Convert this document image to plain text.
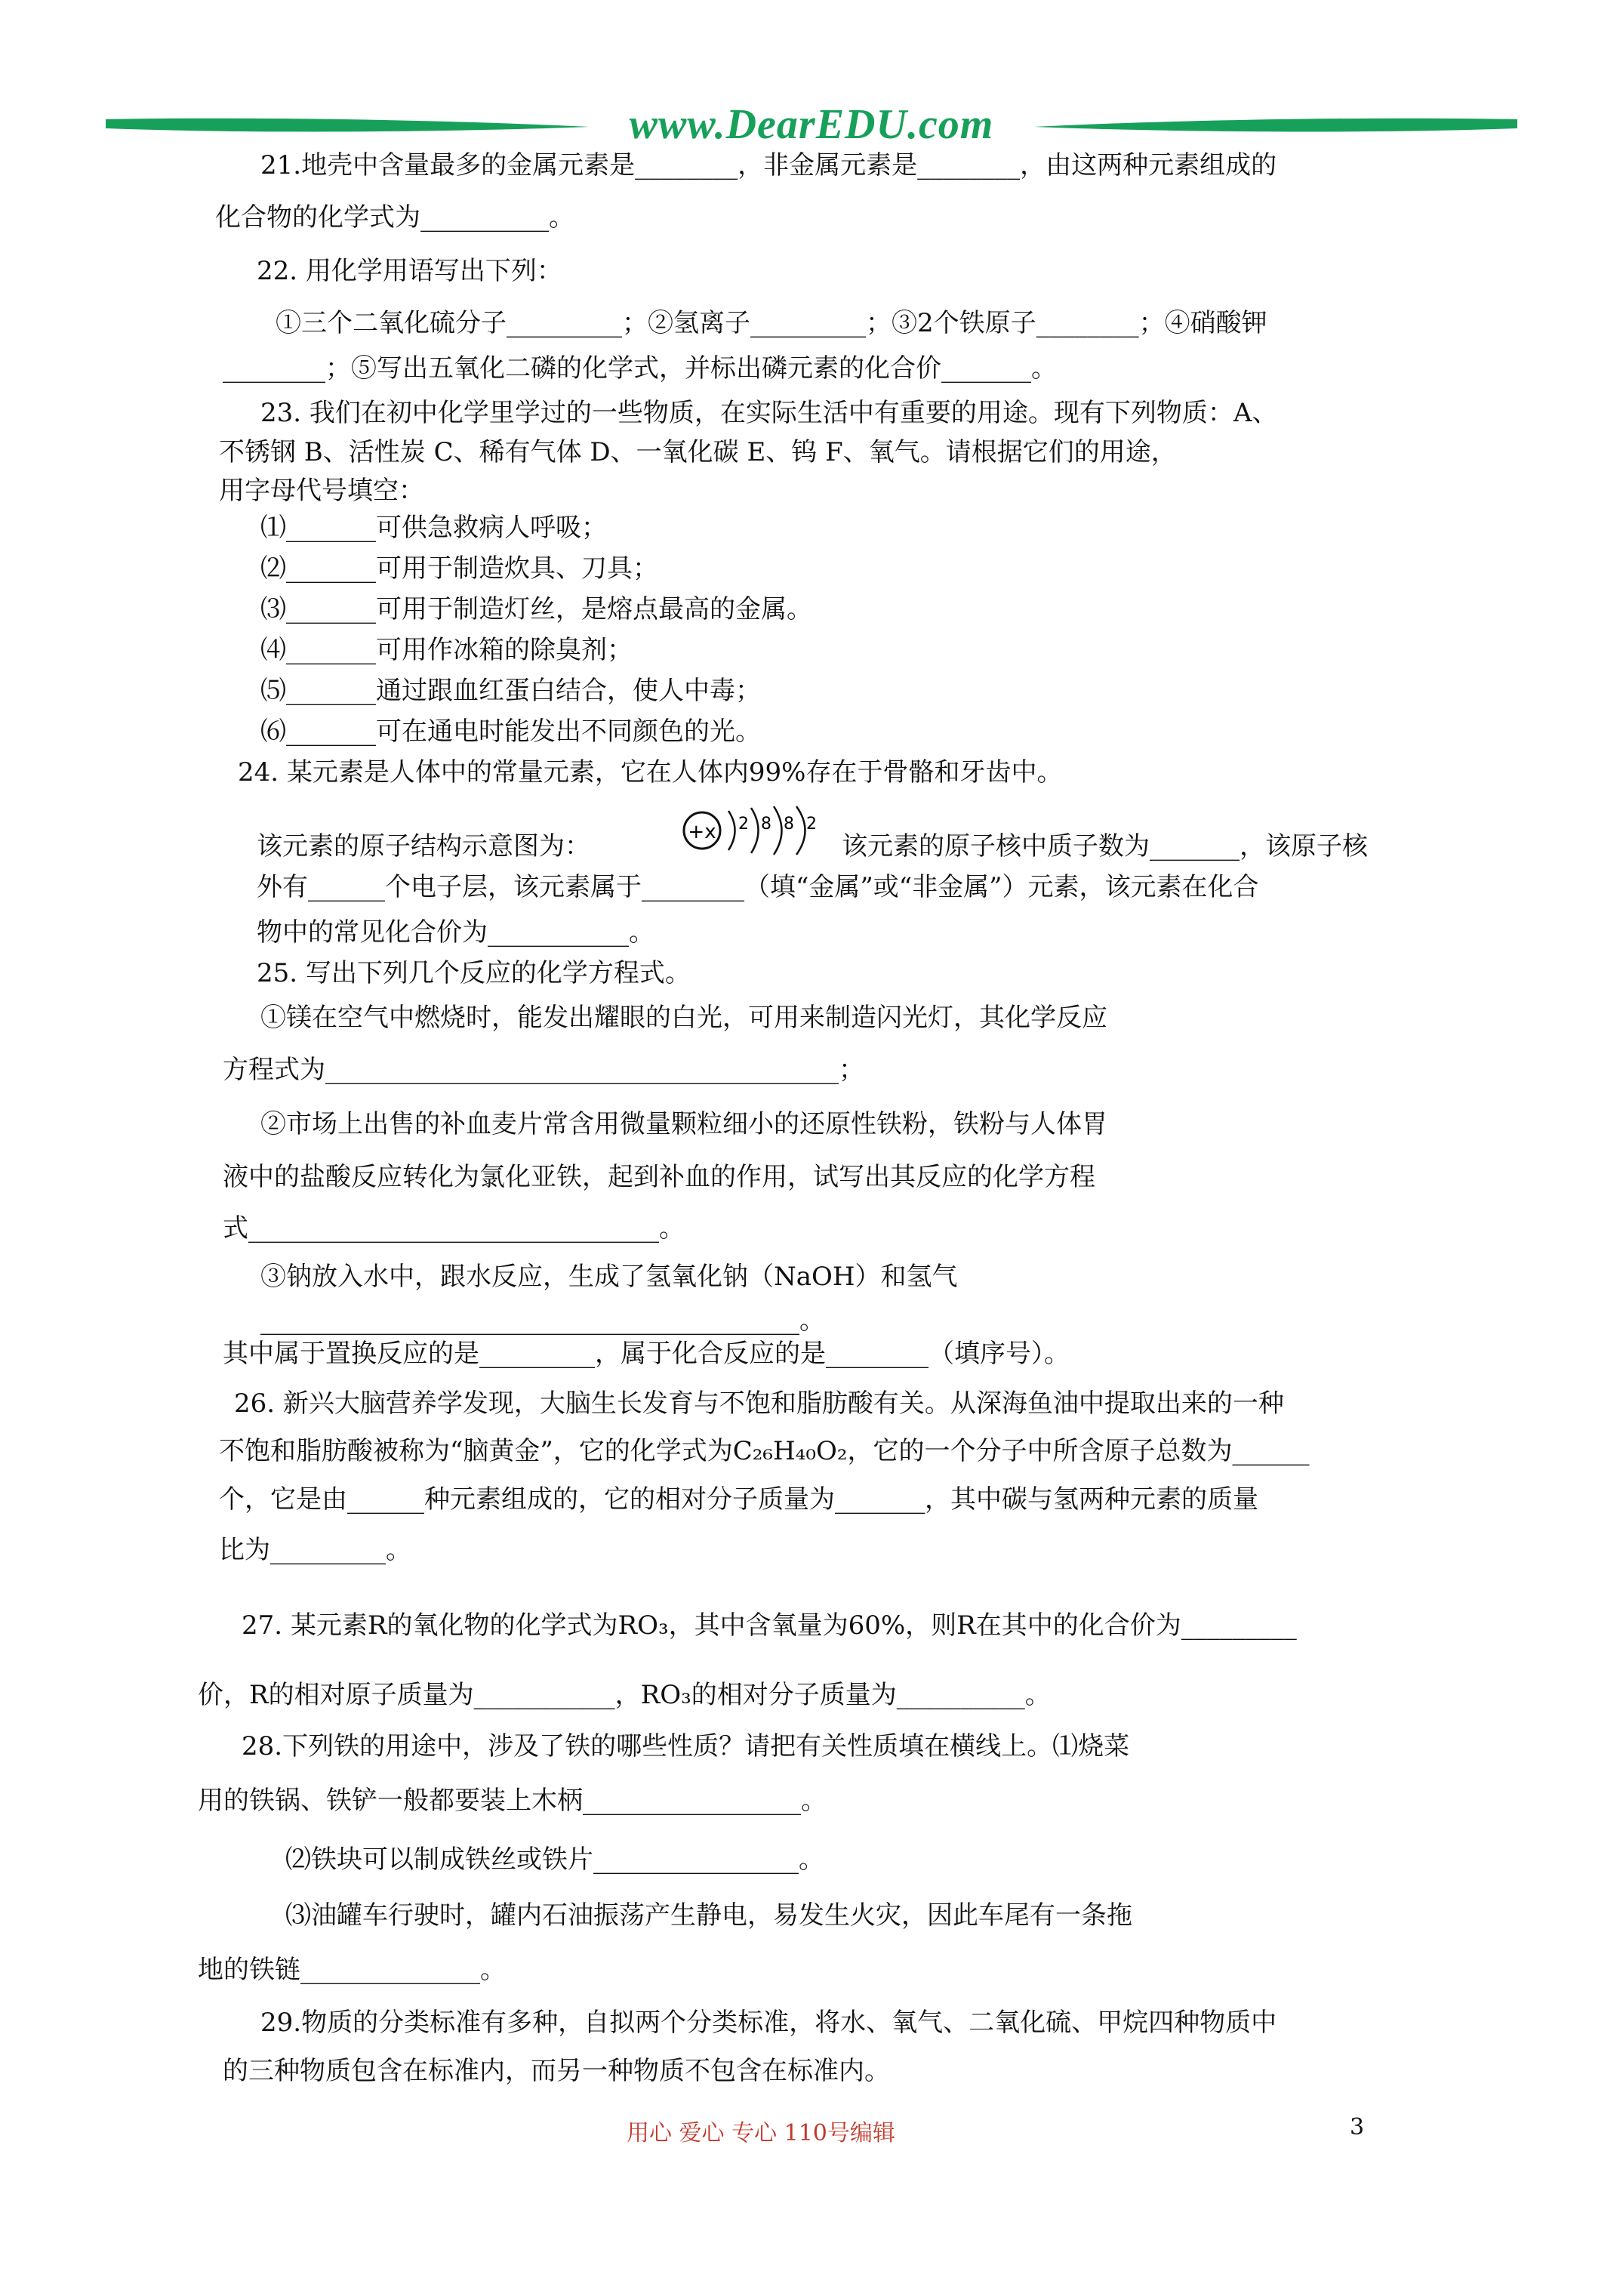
www.DearEDU.com
21.地壳中含量最多的金属元素是________，非金属元素是________，由这两种元素组成的
化合物的化学式为__________。
22. 用化学用语写出下列：
①三个二氧化硫分子_________；②氢离子_________；③2个铁原子________；④硝酸钾
________；⑤写出五氧化二磷的化学式，并标出磷元素的化合价_______。
23. 我们在初中化学里学过的一些物质，在实际生活中有重要的用途。现有下列物质：A、
不锈钢 B、活性炭 C、稀有气体 D、一氧化碳 E、钨 F、氧气。请根据它们的用途，
用字母代号填空：
⑴_______可供急救病人呼吸；
⑵_______可用于制造炊具、刀具；
⑶_______可用于制造灯丝，是熔点最高的金属。
⑷_______可用作冰箱的除臭剂；
⑸_______通过跟血红蛋白结合，使人中毒；
⑹_______可在通电时能发出不同颜色的光。
24. 某元素是人体中的常量元素，它在人体内99%存在于骨骼和牙齿中。
该元素的原子结构示意图为：	+x 2 8 8 2
该元素的原子核中质子数为_______，该原子核
外有______个电子层，该元素属于________（填“金属”或“非金属”）元素，该元素在化合
物中的常见化合价为___________。
25. 写出下列几个反应的化学方程式。
①镁在空气中燃烧时，能发出耀眼的白光，可用来制造闪光灯，其化学反应
方程式为________________________________________；
②市场上出售的补血麦片常含用微量颗粒细小的还原性铁粉，铁粉与人体胃
液中的盐酸反应转化为氯化亚铁，起到补血的作用，试写出其反应的化学方程
式________________________________。
③钠放入水中，跟水反应，生成了氢氧化钠（NaOH）和氢气
__________________________________________。
其中属于置换反应的是_________，属于化合反应的是________（填序号）。
26. 新兴大脑营养学发现，大脑生长发育与不饱和脂肪酸有关。从深海鱼油中提取出来的一种
不饱和脂肪酸被称为“脑黄金”，它的化学式为C₂₆H₄₀O₂，它的一个分子中所含原子总数为______
个，它是由______种元素组成的，它的相对分子质量为_______，其中碳与氢两种元素的质量
比为_________。
27. 某元素R的氧化物的化学式为RO₃，其中含氧量为60%，则R在其中的化合价为_________
价，R的相对原子质量为___________，RO₃的相对分子质量为__________。
28.下列铁的用途中，涉及了铁的哪些性质？请把有关性质填在横线上。⑴烧菜
用的铁锅、铁铲一般都要装上木柄_________________。
⑵铁块可以制成铁丝或铁片________________。
⑶油罐车行驶时，罐内石油振荡产生静电，易发生火灾，因此车尾有一条拖
地的铁链______________。
29.物质的分类标准有多种，自拟两个分类标准，将水、氧气、二氧化硫、甲烷四种物质中
的三种物质包含在标准内，而另一种物质不包含在标准内。
用心 爱心 专心 110号编辑	3
